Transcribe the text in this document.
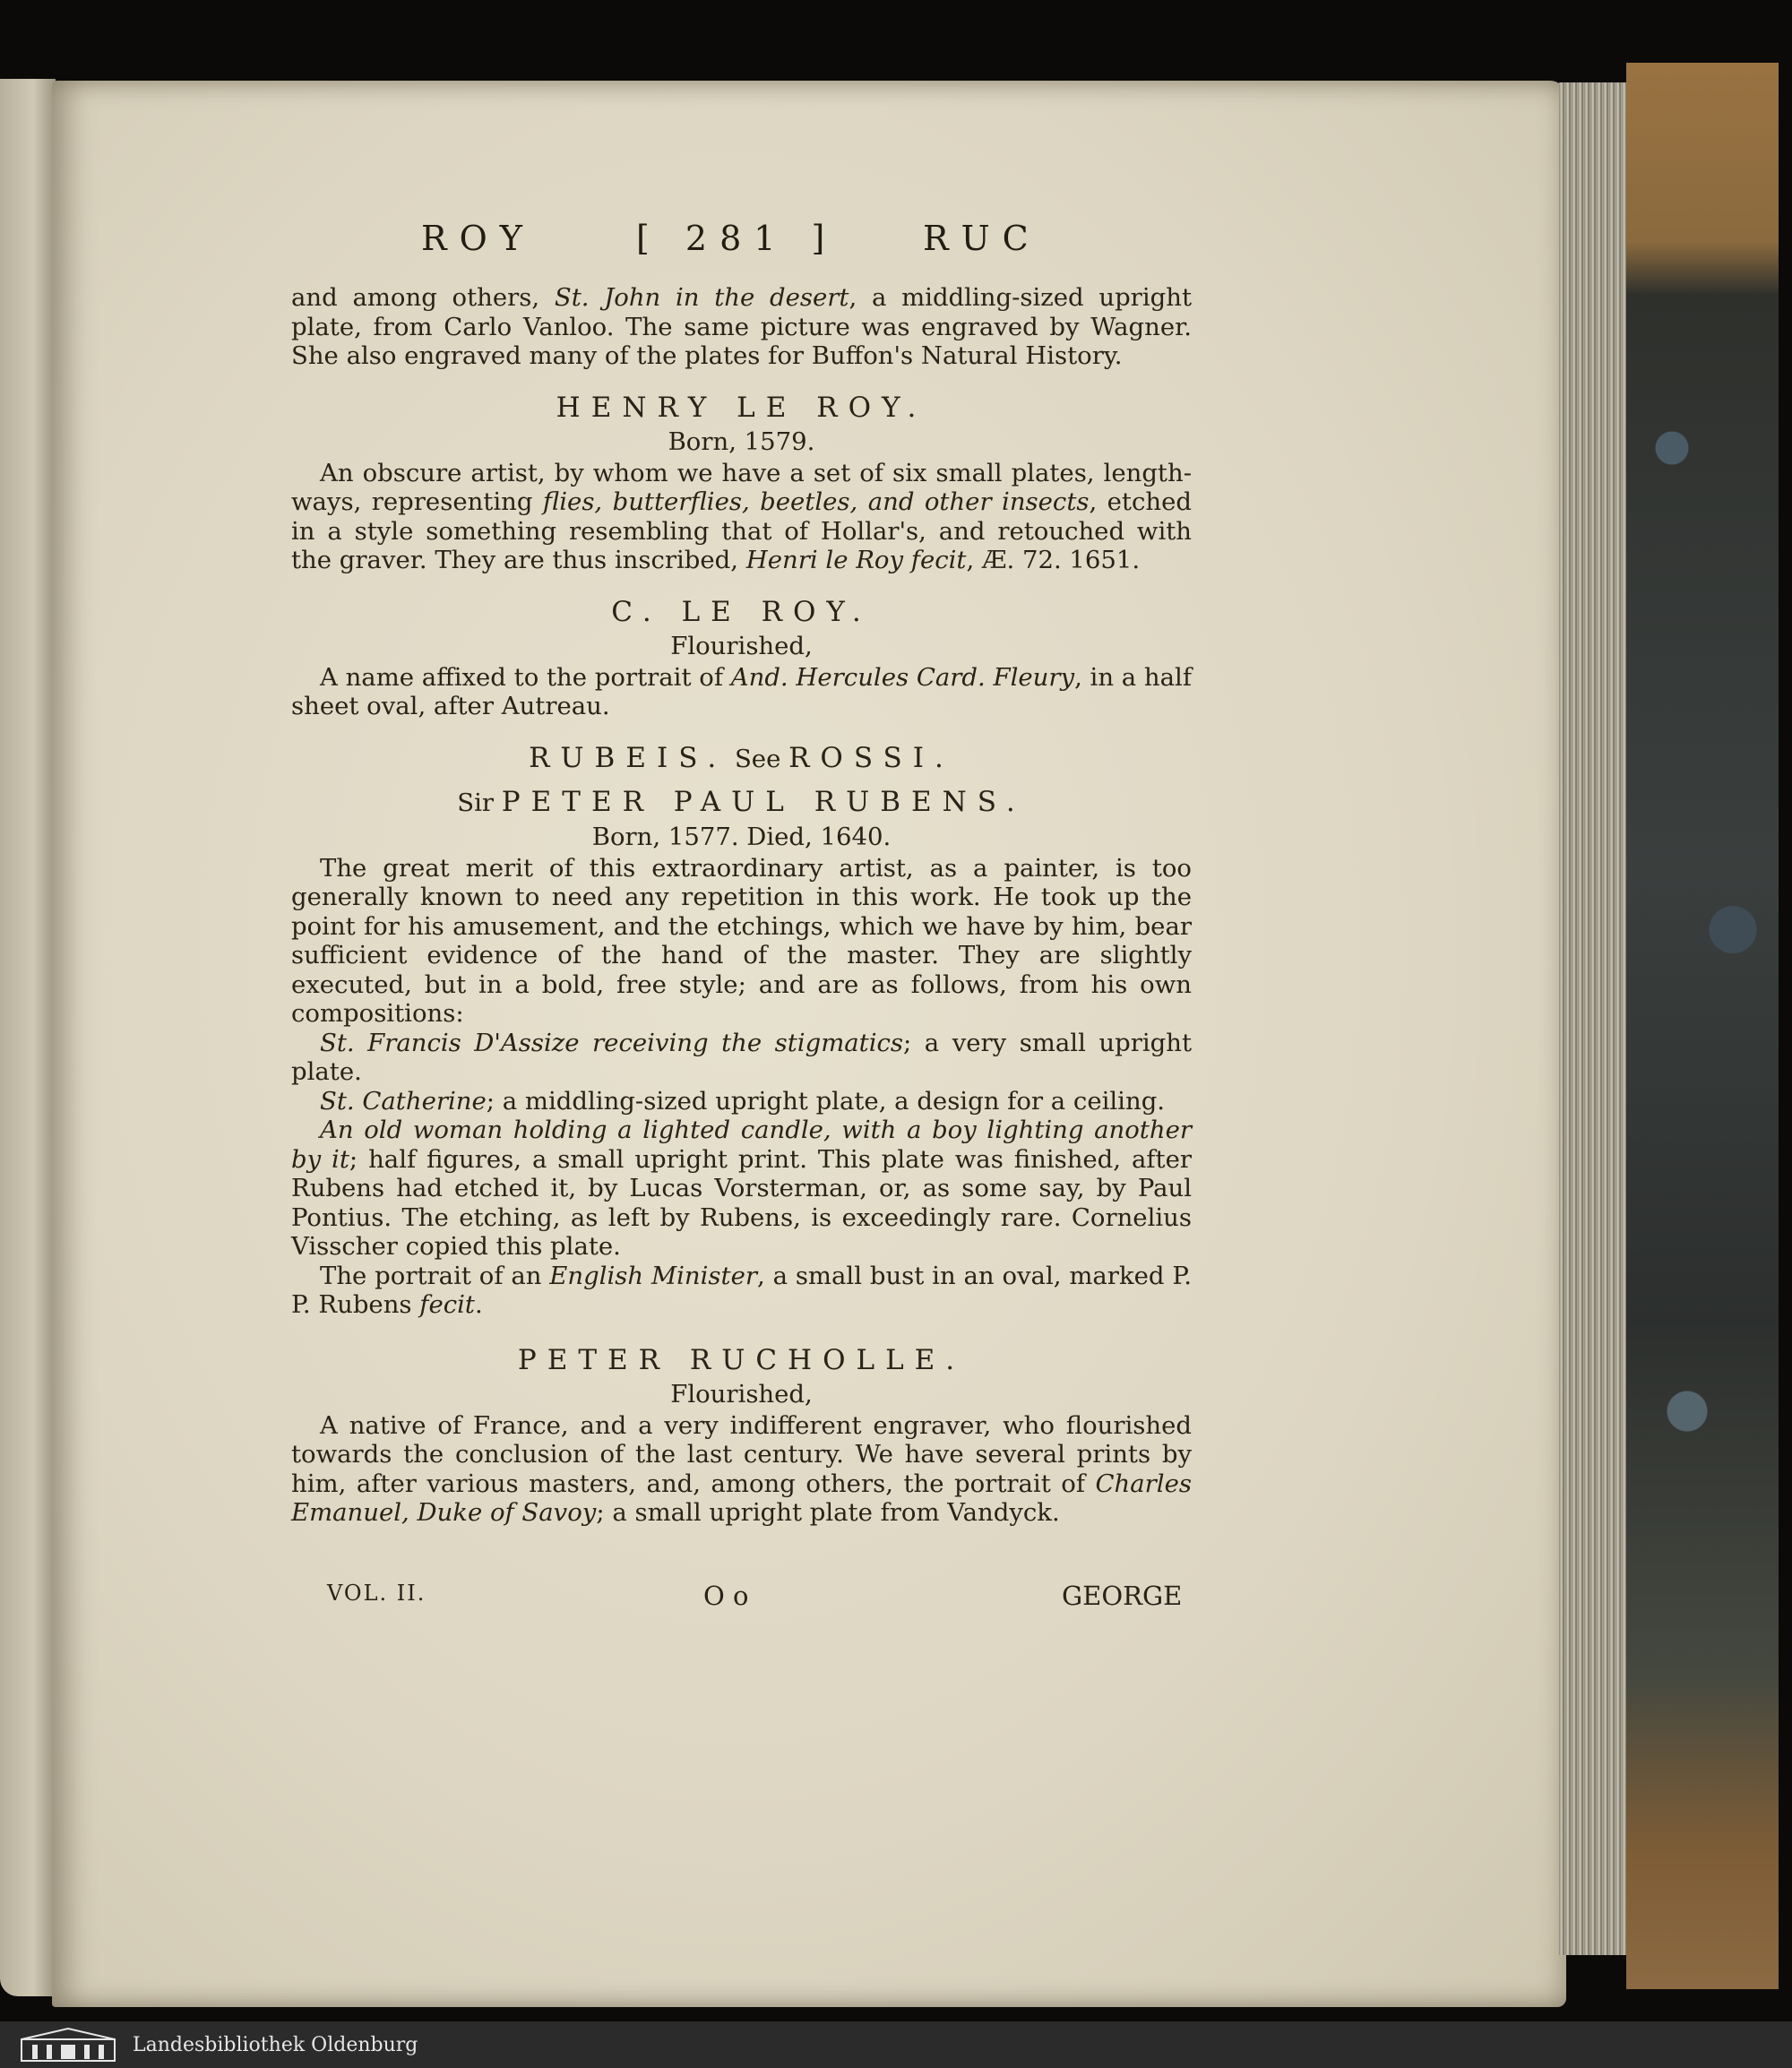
ROY	[ 281 ]	RUC

and among others, St. John in the desert, a middling-sized upright plate, from Carlo Vanloo. The same picture was engraved by Wagner. She also engraved many of the plates for Buffon's Natural History.

HENRY LE ROY.

Born, 1579.

An obscure artist, by whom we have a set of six small plates, length-ways, representing flies, butterflies, beetles, and other insects, etched in a style something resembling that of Hollar's, and retouched with the graver. They are thus inscribed, Henri le Roy fecit, Æ. 72. 1651.

C. LE ROY.

Flourished,

A name affixed to the portrait of And. Hercules Card. Fleury, in a half sheet oval, after Autreau.

RUBEIS. See ROSSI.

Sir PETER PAUL RUBENS.

Born, 1577. Died, 1640.

The great merit of this extraordinary artist, as a painter, is too generally known to need any repetition in this work. He took up the point for his amusement, and the etchings, which we have by him, bear sufficient evidence of the hand of the master. They are slightly executed, but in a bold, free style; and are as follows, from his own compositions:

St. Francis D'Assize receiving the stigmatics; a very small upright plate.

St. Catherine; a middling-sized upright plate, a design for a ceiling.

An old woman holding a lighted candle, with a boy lighting another by it; half figures, a small upright print. This plate was finished, after Rubens had etched it, by Lucas Vorsterman, or, as some say, by Paul Pontius. The etching, as left by Rubens, is exceedingly rare. Cornelius Visscher copied this plate.

The portrait of an English Minister, a small bust in an oval, marked P. P. Rubens fecit.

PETER RUCHOLLE.

Flourished,

A native of France, and a very indifferent engraver, who flourished towards the conclusion of the last century. We have several prints by him, after various masters, and, among others, the portrait of Charles Emanuel, Duke of Savoy; a small upright plate from Vandyck.

VOL. II.	O o	GEORGE
Landesbibliothek Oldenburg
